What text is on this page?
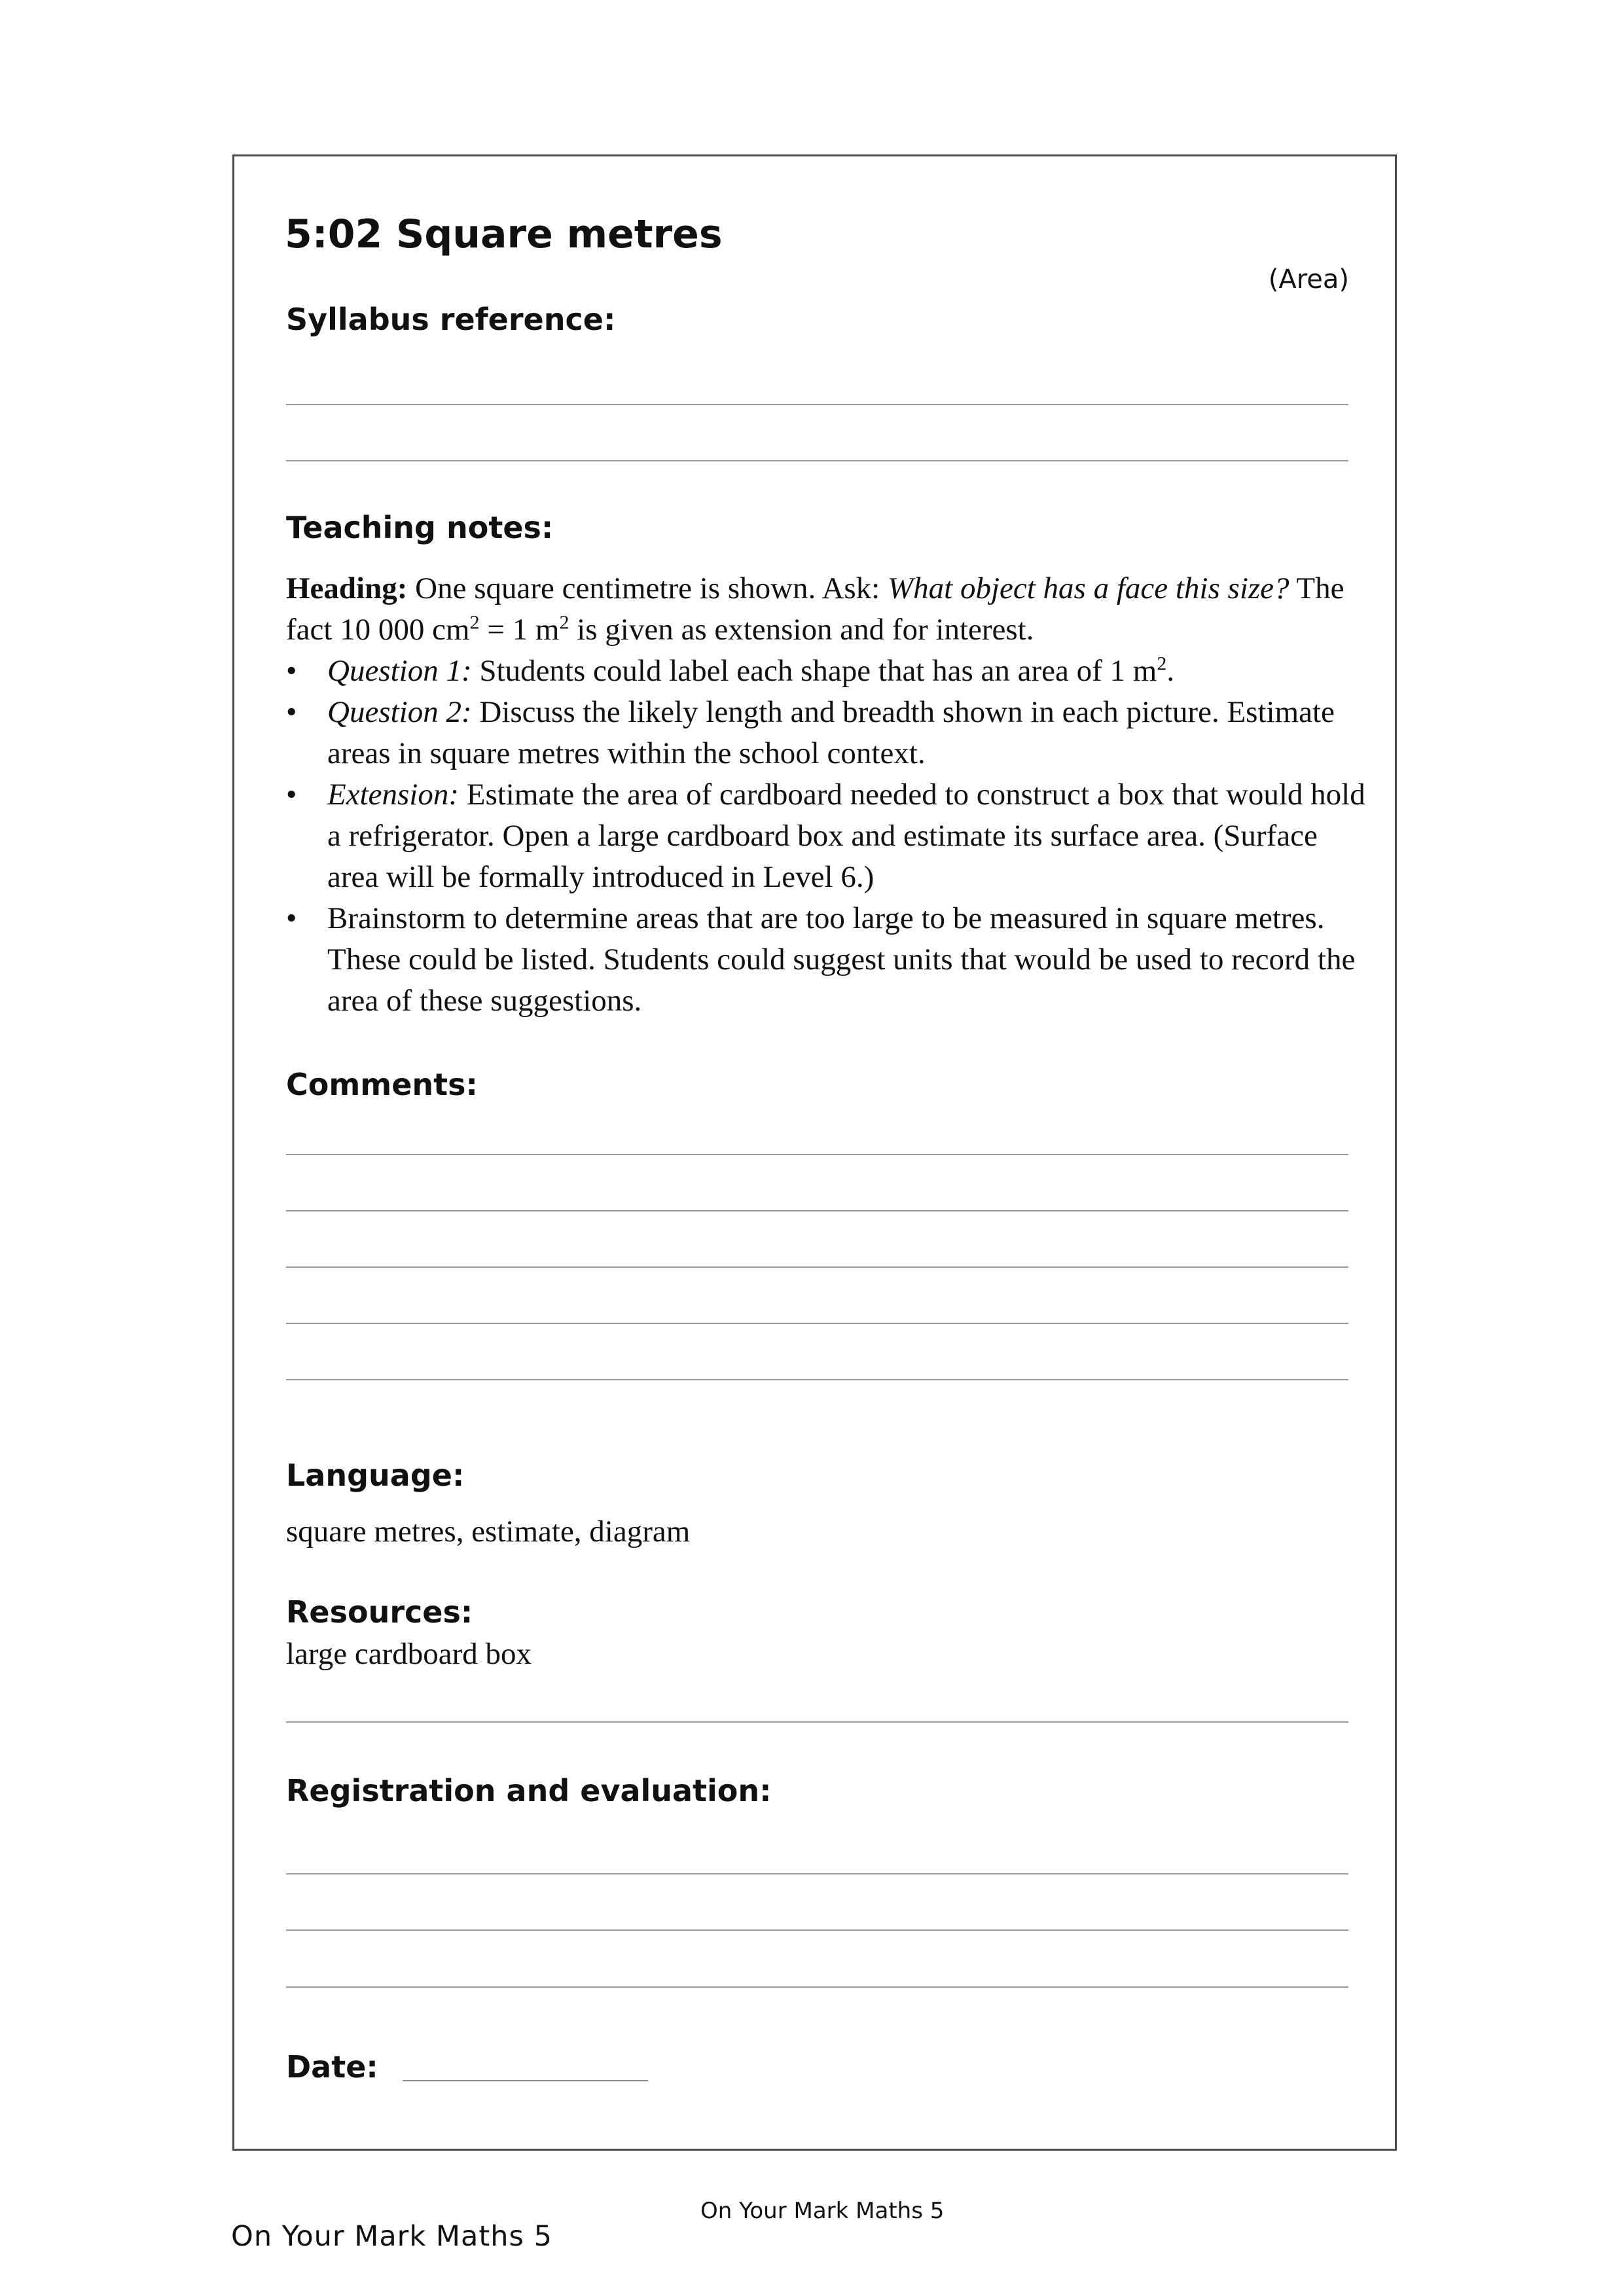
5:02 Square metres
(Area)
Syllabus reference:
Teaching notes:

Heading: One square centimetre is shown. Ask: What object has a face this size? The fact 10 000 $cm^2 = 1$ $m^2$ is given as extension and for interest.

• Question 1: Students could label each shape that has an area of 1 $m^2$.
• Question 2: Discuss the likely length and breadth shown in each picture. Estimate areas in square metres within the school context.
• Extension: Estimate the area of cardboard needed to construct a box that would hold a refrigerator. Open a large cardboard box and estimate its surface area. (Surface area will be formally introduced in Level 6.)
• Brainstorm to determine areas that are too large to be measured in square metres. These could be listed. Students could suggest units that would be used to record the area of these suggestions.
Comments:
Language:
square metres, estimate, diagram
Resources:
large cardboard box
Registration and evaluation:
Date:
On Your Mark Maths 5
On Your Mark Maths 5
